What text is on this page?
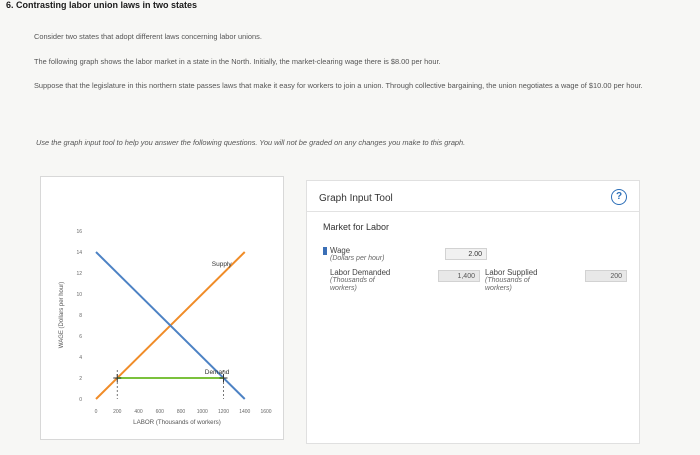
6. Contrasting labor union laws in two states
Consider two states that adopt different laws concerning labor unions.
The following graph shows the labor market in a state in the North. Initially, the market-clearing wage there is $8.00 per hour.
Suppose that the legislature in this northern state passes laws that make it easy for workers to join a union. Through collective bargaining, the union negotiates a wage of $10.00 per hour.
Use the graph input tool to help you answer the following questions. You will not be graded on any changes you make to this graph.
0
2
4
6
8
10
12
14
16
0	200	400	600	800 1000 1200 1400 1600
LABOR (Thousands of workers)
WAGE (Dollars per hour)
Supply
Demand
Graph Input Tool	?
Market for Labor
Wage
(Dollars per hour)
2.00
Labor Demanded
(Thousands of workers)
1,400	Labor Supplied
(Thousands of workers)
200
